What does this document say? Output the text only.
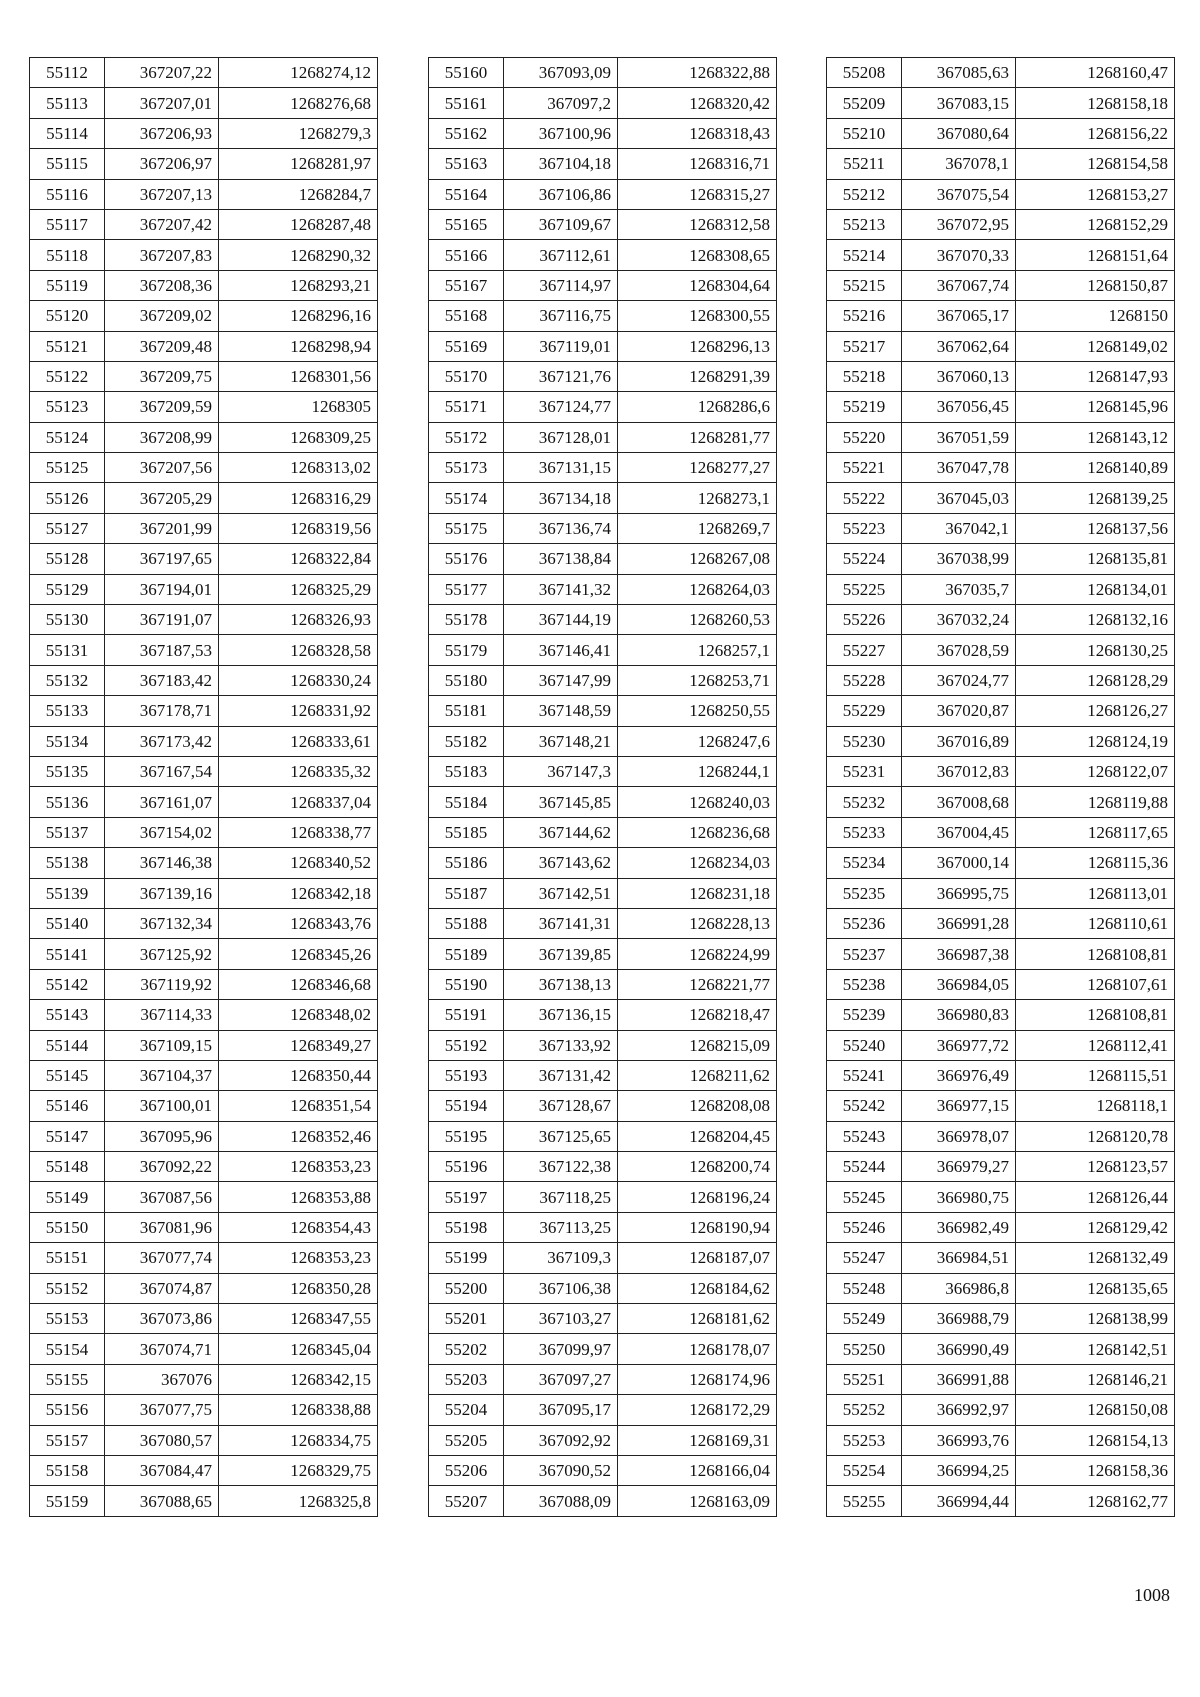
55112	367207,22	1268274,12
55113	367207,01	1268276,68
55114	367206,93	1268279,3
55115	367206,97	1268281,97
55116	367207,13	1268284,7
55117	367207,42	1268287,48
55118	367207,83	1268290,32
55119	367208,36	1268293,21
55120	367209,02	1268296,16
55121	367209,48	1268298,94
55122	367209,75	1268301,56
55123	367209,59	1268305
55124	367208,99	1268309,25
55125	367207,56	1268313,02
55126	367205,29	1268316,29
55127	367201,99	1268319,56
55128	367197,65	1268322,84
55129	367194,01	1268325,29
55130	367191,07	1268326,93
55131	367187,53	1268328,58
55132	367183,42	1268330,24
55133	367178,71	1268331,92
55134	367173,42	1268333,61
55135	367167,54	1268335,32
55136	367161,07	1268337,04
55137	367154,02	1268338,77
55138	367146,38	1268340,52
55139	367139,16	1268342,18
55140	367132,34	1268343,76
55141	367125,92	1268345,26
55142	367119,92	1268346,68
55143	367114,33	1268348,02
55144	367109,15	1268349,27
55145	367104,37	1268350,44
55146	367100,01	1268351,54
55147	367095,96	1268352,46
55148	367092,22	1268353,23
55149	367087,56	1268353,88
55150	367081,96	1268354,43
55151	367077,74	1268353,23
55152	367074,87	1268350,28
55153	367073,86	1268347,55
55154	367074,71	1268345,04
55155	367076	1268342,15
55156	367077,75	1268338,88
55157	367080,57	1268334,75
55158	367084,47	1268329,75
55159	367088,65	1268325,8
55160	367093,09	1268322,88
55161	367097,2	1268320,42
55162	367100,96	1268318,43
55163	367104,18	1268316,71
55164	367106,86	1268315,27
55165	367109,67	1268312,58
55166	367112,61	1268308,65
55167	367114,97	1268304,64
55168	367116,75	1268300,55
55169	367119,01	1268296,13
55170	367121,76	1268291,39
55171	367124,77	1268286,6
55172	367128,01	1268281,77
55173	367131,15	1268277,27
55174	367134,18	1268273,1
55175	367136,74	1268269,7
55176	367138,84	1268267,08
55177	367141,32	1268264,03
55178	367144,19	1268260,53
55179	367146,41	1268257,1
55180	367147,99	1268253,71
55181	367148,59	1268250,55
55182	367148,21	1268247,6
55183	367147,3	1268244,1
55184	367145,85	1268240,03
55185	367144,62	1268236,68
55186	367143,62	1268234,03
55187	367142,51	1268231,18
55188	367141,31	1268228,13
55189	367139,85	1268224,99
55190	367138,13	1268221,77
55191	367136,15	1268218,47
55192	367133,92	1268215,09
55193	367131,42	1268211,62
55194	367128,67	1268208,08
55195	367125,65	1268204,45
55196	367122,38	1268200,74
55197	367118,25	1268196,24
55198	367113,25	1268190,94
55199	367109,3	1268187,07
55200	367106,38	1268184,62
55201	367103,27	1268181,62
55202	367099,97	1268178,07
55203	367097,27	1268174,96
55204	367095,17	1268172,29
55205	367092,92	1268169,31
55206	367090,52	1268166,04
55207	367088,09	1268163,09
55208	367085,63	1268160,47
55209	367083,15	1268158,18
55210	367080,64	1268156,22
55211	367078,1	1268154,58
55212	367075,54	1268153,27
55213	367072,95	1268152,29
55214	367070,33	1268151,64
55215	367067,74	1268150,87
55216	367065,17	1268150
55217	367062,64	1268149,02
55218	367060,13	1268147,93
55219	367056,45	1268145,96
55220	367051,59	1268143,12
55221	367047,78	1268140,89
55222	367045,03	1268139,25
55223	367042,1	1268137,56
55224	367038,99	1268135,81
55225	367035,7	1268134,01
55226	367032,24	1268132,16
55227	367028,59	1268130,25
55228	367024,77	1268128,29
55229	367020,87	1268126,27
55230	367016,89	1268124,19
55231	367012,83	1268122,07
55232	367008,68	1268119,88
55233	367004,45	1268117,65
55234	367000,14	1268115,36
55235	366995,75	1268113,01
55236	366991,28	1268110,61
55237	366987,38	1268108,81
55238	366984,05	1268107,61
55239	366980,83	1268108,81
55240	366977,72	1268112,41
55241	366976,49	1268115,51
55242	366977,15	1268118,1
55243	366978,07	1268120,78
55244	366979,27	1268123,57
55245	366980,75	1268126,44
55246	366982,49	1268129,42
55247	366984,51	1268132,49
55248	366986,8	1268135,65
55249	366988,79	1268138,99
55250	366990,49	1268142,51
55251	366991,88	1268146,21
55252	366992,97	1268150,08
55253	366993,76	1268154,13
55254	366994,25	1268158,36
55255	366994,44	1268162,77
1008
